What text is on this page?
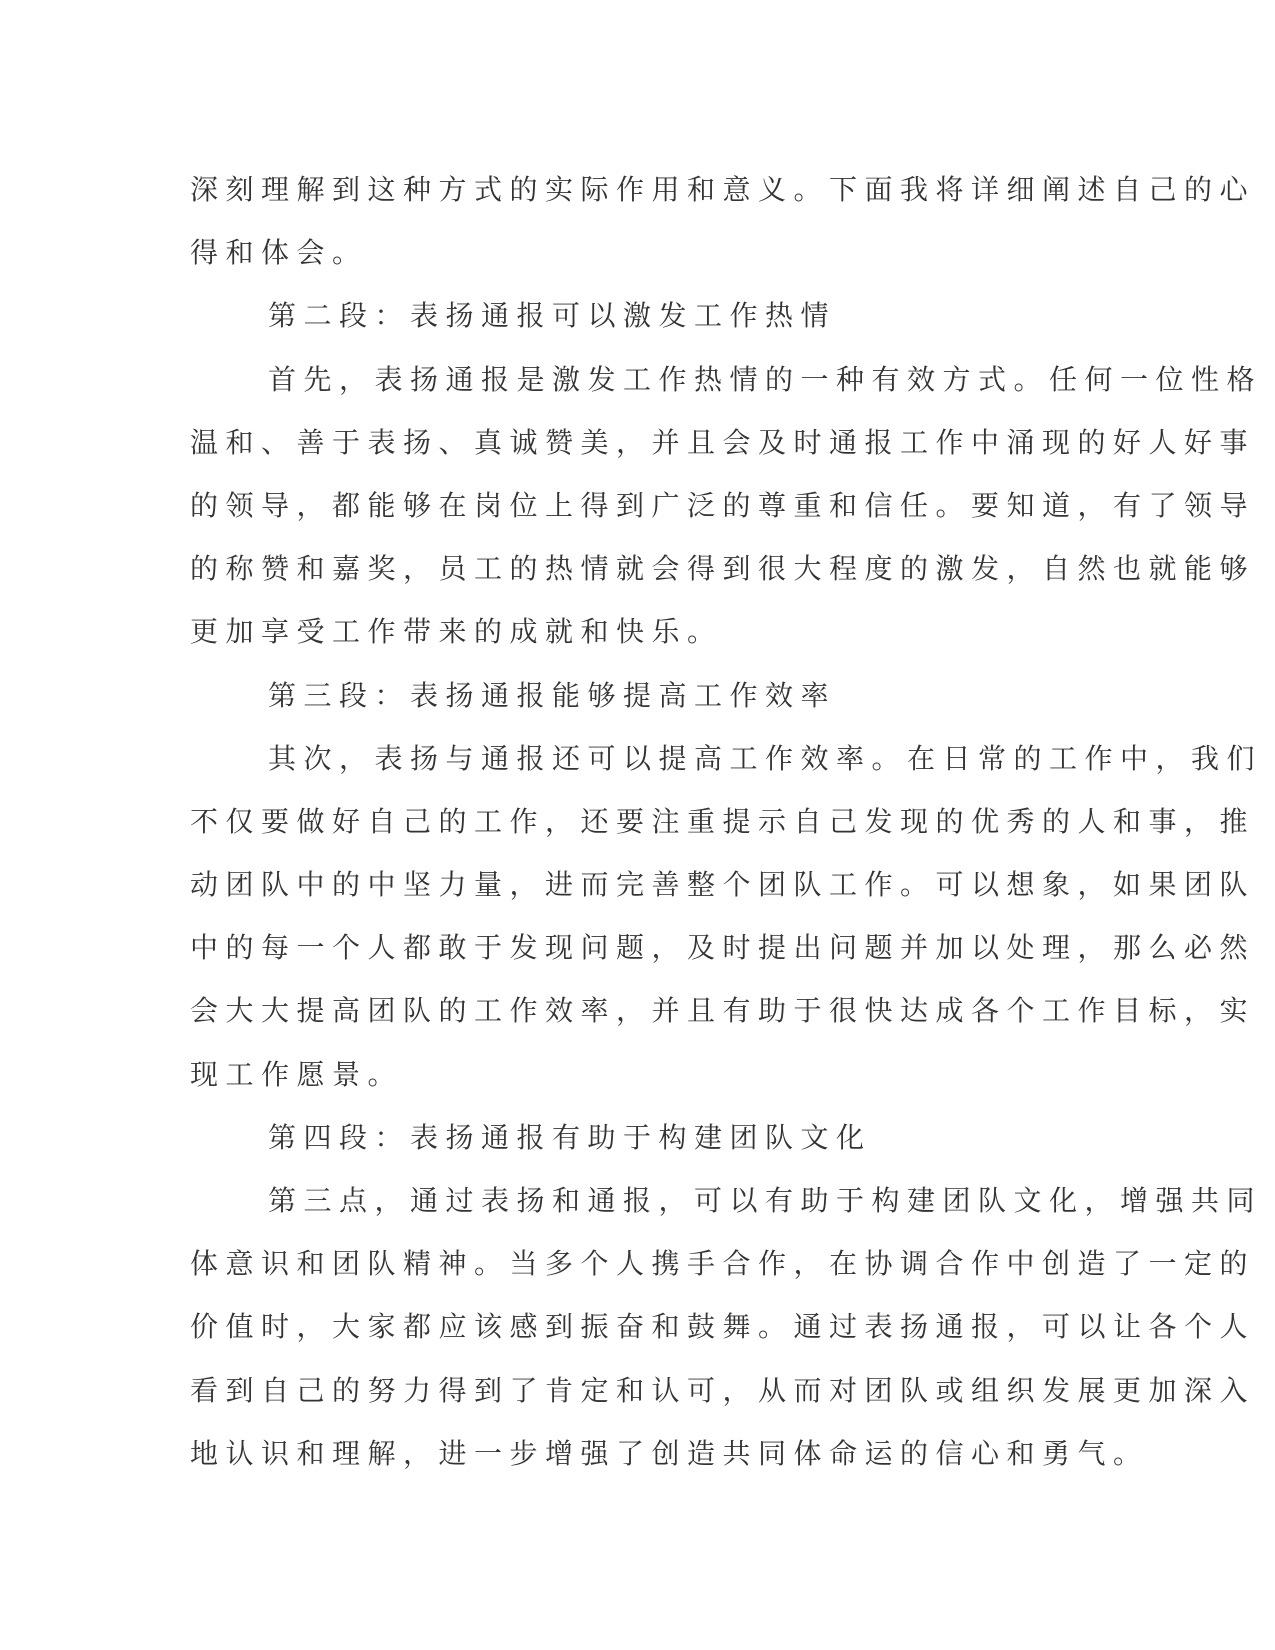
深刻理解到这种方式的实际作用和意义。下面我将详细阐述自己的心
得和体会。
第二段：表扬通报可以激发工作热情
首先，表扬通报是激发工作热情的一种有效方式。任何一位性格
温和、善于表扬、真诚赞美，并且会及时通报工作中涌现的好人好事
的领导，都能够在岗位上得到广泛的尊重和信任。要知道，有了领导
的称赞和嘉奖，员工的热情就会得到很大程度的激发，自然也就能够
更加享受工作带来的成就和快乐。
第三段：表扬通报能够提高工作效率
其次，表扬与通报还可以提高工作效率。在日常的工作中，我们
不仅要做好自己的工作，还要注重提示自己发现的优秀的人和事，推
动团队中的中坚力量，进而完善整个团队工作。可以想象，如果团队
中的每一个人都敢于发现问题，及时提出问题并加以处理，那么必然
会大大提高团队的工作效率，并且有助于很快达成各个工作目标，实
现工作愿景。
第四段：表扬通报有助于构建团队文化
第三点，通过表扬和通报，可以有助于构建团队文化，增强共同
体意识和团队精神。当多个人携手合作，在协调合作中创造了一定的
价值时，大家都应该感到振奋和鼓舞。通过表扬通报，可以让各个人
看到自己的努力得到了肯定和认可，从而对团队或组织发展更加深入
地认识和理解，进一步增强了创造共同体命运的信心和勇气。
